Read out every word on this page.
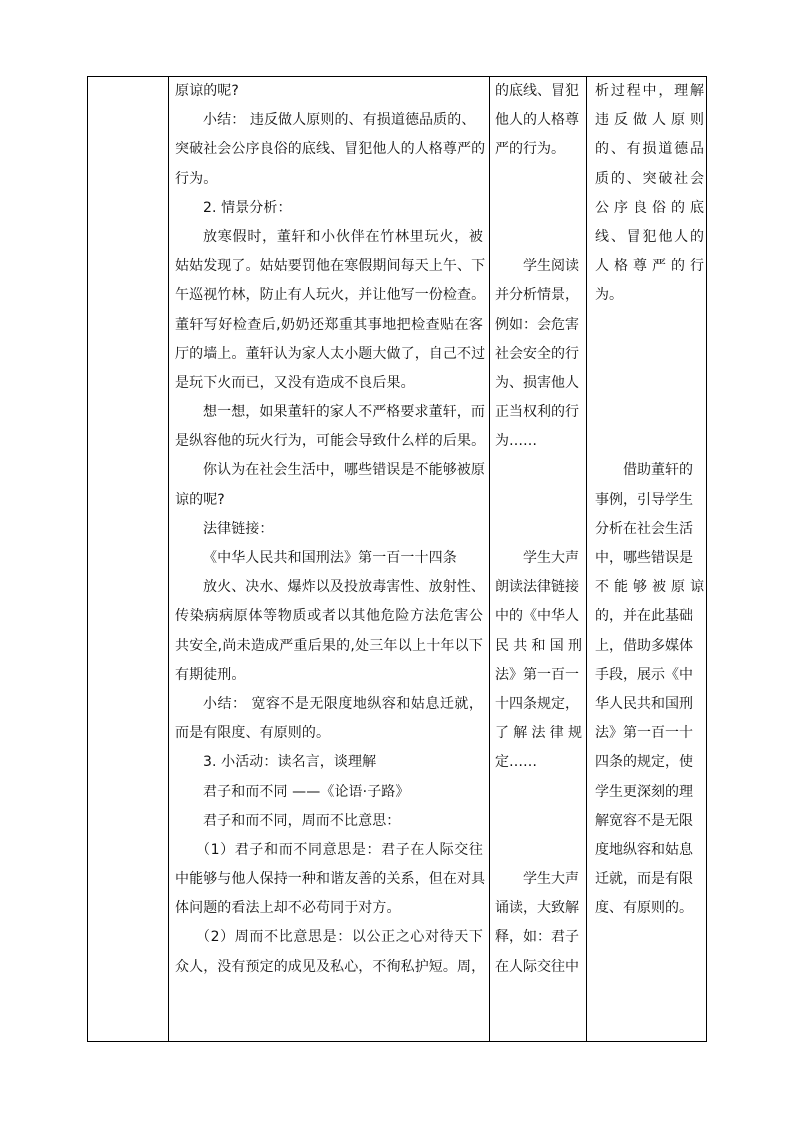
原谅的呢?
小结： 违反做人原则的、有损道德品质的、
突破社会公序良俗的底线、冒犯他人的人格尊严的
行为。
2. 情景分析：
放寒假时，董轩和小伙伴在竹林里玩火，被
姑姑发现了。姑姑要罚他在寒假期间每天上午、下
午巡视竹林，防止有人玩火，并让他写一份检查。
董轩写好检查后,奶奶还郑重其事地把检查贴在客
厅的墙上。董轩认为家人太小题大做了，自己不过
是玩下火而已，又没有造成不良后果。
想一想，如果董轩的家人不严格要求董轩，而
是纵容他的玩火行为，可能会导致什么样的后果。
你认为在社会生活中，哪些错误是不能够被原
谅的呢?
法律链接：
《中华人民共和国刑法》第一百一十四条
放火、决水、爆炸以及投放毒害性、放射性、
传染病病原体等物质或者以其他危险方法危害公
共安全,尚未造成严重后果的,处三年以上十年以下
有期徒刑。
小结： 宽容不是无限度地纵容和姑息迁就，
而是有限度、有原则的。
3. 小活动：读名言，谈理解
君子和而不同 ——《论语·子路》
君子和而不同，周而不比意思：
（1）君子和而不同意思是：君子在人际交往
中能够与他人保持一种和谐友善的关系，但在对具
体问题的看法上却不必苟同于对方。
（2）周而不比意思是：以公正之心对待天下
众人，没有预定的成见及私心，不徇私护短。周，
的底线、冒犯
他人的人格尊
严的行为。
学生阅读
并分析情景，
例如：会危害
社会安全的行
为、损害他人
正当权利的行
为……
学生大声
朗读法律链接
中的《中华人
民共和国刑
法》第一百一
十四条规定，
了解法律规
定……
学生大声
诵读，大致解
释，如：君子
在人际交往中
析过程中，理解
违反做人原则
的、有损道德品
质的、突破社会
公序良俗的底
线、冒犯他人的
人格尊严的行
为。
借助董轩的
事例，引导学生
分析在社会生活
中，哪些错误是
不能够被原谅
的，并在此基础
上，借助多媒体
手段，展示《中
华人民共和国刑
法》第一百一十
四条的规定，使
学生更深刻的理
解宽容不是无限
度地纵容和姑息
迁就，而是有限
度、有原则的。
